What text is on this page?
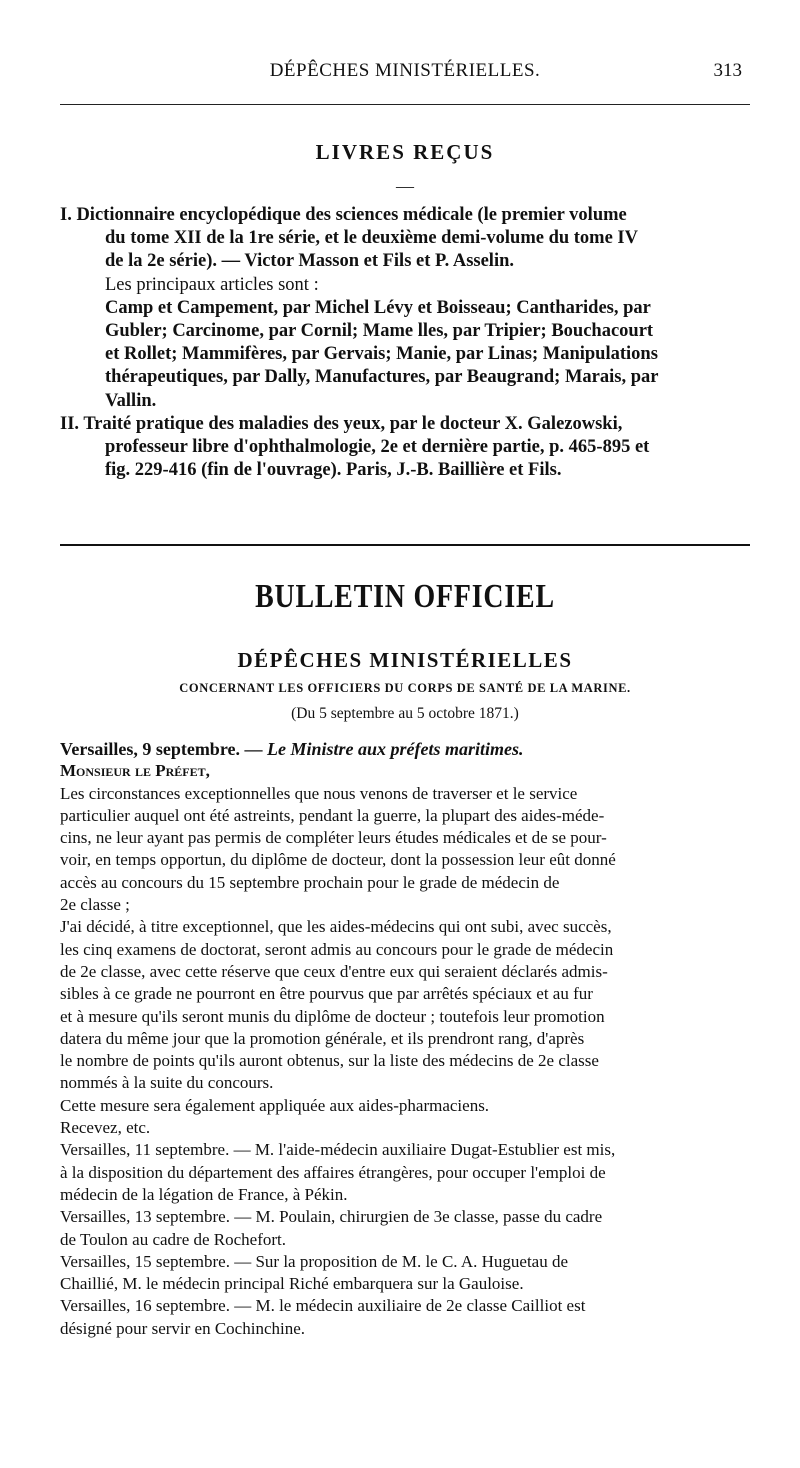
DÉPÊCHES MINISTÉRIELLES.	313
LIVRES REÇUS
—

I. Dictionnaire encyclopédique des sciences médicale (le premier volume

du tome XII de la 1re série, et le deuxième demi-volume du tome IV

de la 2e série). — Victor Masson et Fils et P. Asselin.

Les principaux articles sont :

Camp et Campement, par Michel Lévy et Boisseau; Cantharides, par

Gubler; Carcinome, par Cornil; Mame lles, par Tripier; Bouchacourt

et Rollet; Mammifères, par Gervais; Manie, par Linas; Manipulations

thérapeutiques, par Dally, Manufactures, par Beaugrand; Marais, par

Vallin.

II. Traité pratique des maladies des yeux, par le docteur X. Galezowski,

professeur libre d'ophthalmologie, 2e et dernière partie, p. 465-895 et

fig. 229-416 (fin de l'ouvrage). Paris, J.-B. Baillière et Fils.

BULLETIN OFFICIEL
DÉPÊCHES MINISTÉRIELLES
CONCERNANT LES OFFICIERS DU CORPS DE SANTÉ DE LA MARINE.
(Du 5 septembre au 5 octobre 1871.)

Versailles, 9 septembre. — Le Ministre aux préfets maritimes.

Monsieur le Préfet,

Les circonstances exceptionnelles que nous venons de traverser et le service

particulier auquel ont été astreints, pendant la guerre, la plupart des aides-méde-

cins, ne leur ayant pas permis de compléter leurs études médicales et de se pour-

voir, en temps opportun, du diplôme de docteur, dont la possession leur eût donné

accès au concours du 15 septembre prochain pour le grade de médecin de

2e classe ;

J'ai décidé, à titre exceptionnel, que les aides-médecins qui ont subi, avec succès,

les cinq examens de doctorat, seront admis au concours pour le grade de médecin

de 2e classe, avec cette réserve que ceux d'entre eux qui seraient déclarés admis-

sibles à ce grade ne pourront en être pourvus que par arrêtés spéciaux et au fur

et à mesure qu'ils seront munis du diplôme de docteur ; toutefois leur promotion

datera du même jour que la promotion générale, et ils prendront rang, d'après

le nombre de points qu'ils auront obtenus, sur la liste des médecins de 2e classe

nommés à la suite du concours.

Cette mesure sera également appliquée aux aides-pharmaciens.

Recevez, etc.

Versailles, 11 septembre. — M. l'aide-médecin auxiliaire Dugat-Estublier est mis,

à la disposition du département des affaires étrangères, pour occuper l'emploi de

médecin de la légation de France, à Pékin.

Versailles, 13 septembre. — M. Poulain, chirurgien de 3e classe, passe du cadre

de Toulon au cadre de Rochefort.

Versailles, 15 septembre. — Sur la proposition de M. le C. A. Huguetau de

Chaillié, M. le médecin principal Riché embarquera sur la Gauloise.

Versailles, 16 septembre. — M. le médecin auxiliaire de 2e classe Cailliot est

désigné pour servir en Cochinchine.
